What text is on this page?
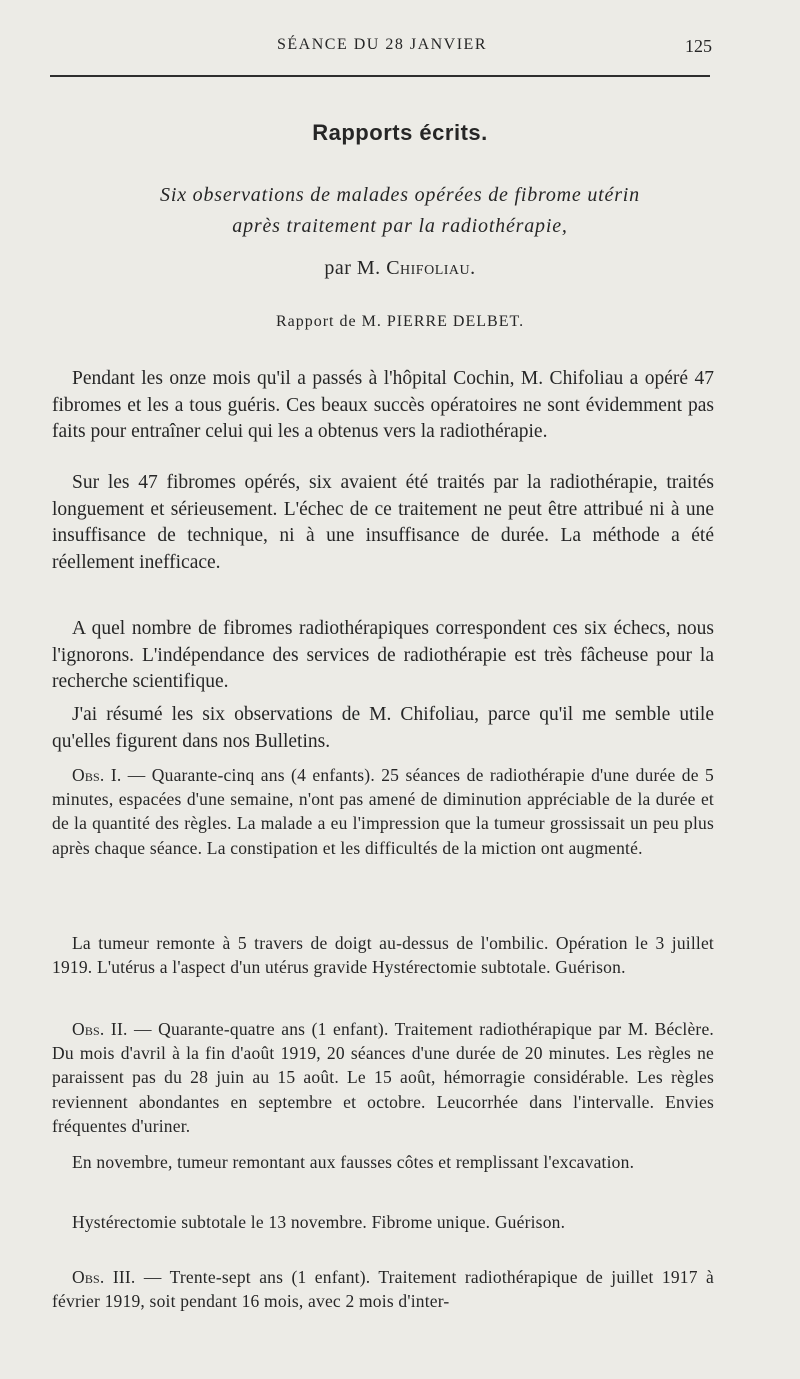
SÉANCE DU 28 JANVIER	125
Rapports écrits.
Six observations de malades opérées de fibrome utérin
après traitement par la radiothérapie,
par M. Chifoliau.
Rapport de M. PIERRE DELBET.

Pendant les onze mois qu'il a passés à l'hôpital Cochin, M. Chifoliau a opéré 47 fibromes et les a tous guéris. Ces beaux succès opératoires ne sont évidemment pas faits pour entraîner celui qui les a obtenus vers la radiothérapie.

Sur les 47 fibromes opérés, six avaient été traités par la radiothérapie, traités longuement et sérieusement. L'échec de ce traitement ne peut être attribué ni à une insuffisance de technique, ni à une insuffisance de durée. La méthode a été réellement inefficace.

A quel nombre de fibromes radiothérapiques correspondent ces six échecs, nous l'ignorons. L'indépendance des services de radiothérapie est très fâcheuse pour la recherche scientifique.

J'ai résumé les six observations de M. Chifoliau, parce qu'il me semble utile qu'elles figurent dans nos Bulletins.

Obs. I. — Quarante-cinq ans (4 enfants). 25 séances de radiothérapie d'une durée de 5 minutes, espacées d'une semaine, n'ont pas amené de diminution appréciable de la durée et de la quantité des règles. La malade a eu l'impression que la tumeur grossissait un peu plus après chaque séance. La constipation et les difficultés de la miction ont augmenté.

La tumeur remonte à 5 travers de doigt au-dessus de l'ombilic. Opération le 3 juillet 1919. L'utérus a l'aspect d'un utérus gravide Hystérectomie subtotale. Guérison.

Obs. II. — Quarante-quatre ans (1 enfant). Traitement radiothérapique par M. Béclère. Du mois d'avril à la fin d'août 1919, 20 séances d'une durée de 20 minutes. Les règles ne paraissent pas du 28 juin au 15 août. Le 15 août, hémorragie considérable. Les règles reviennent abondantes en septembre et octobre. Leucorrhée dans l'intervalle. Envies fréquentes d'uriner.

En novembre, tumeur remontant aux fausses côtes et remplissant l'excavation.

Hystérectomie subtotale le 13 novembre. Fibrome unique. Guérison.

Obs. III. — Trente-sept ans (1 enfant). Traitement radiothérapique de juillet 1917 à février 1919, soit pendant 16 mois, avec 2 mois d'inter-
